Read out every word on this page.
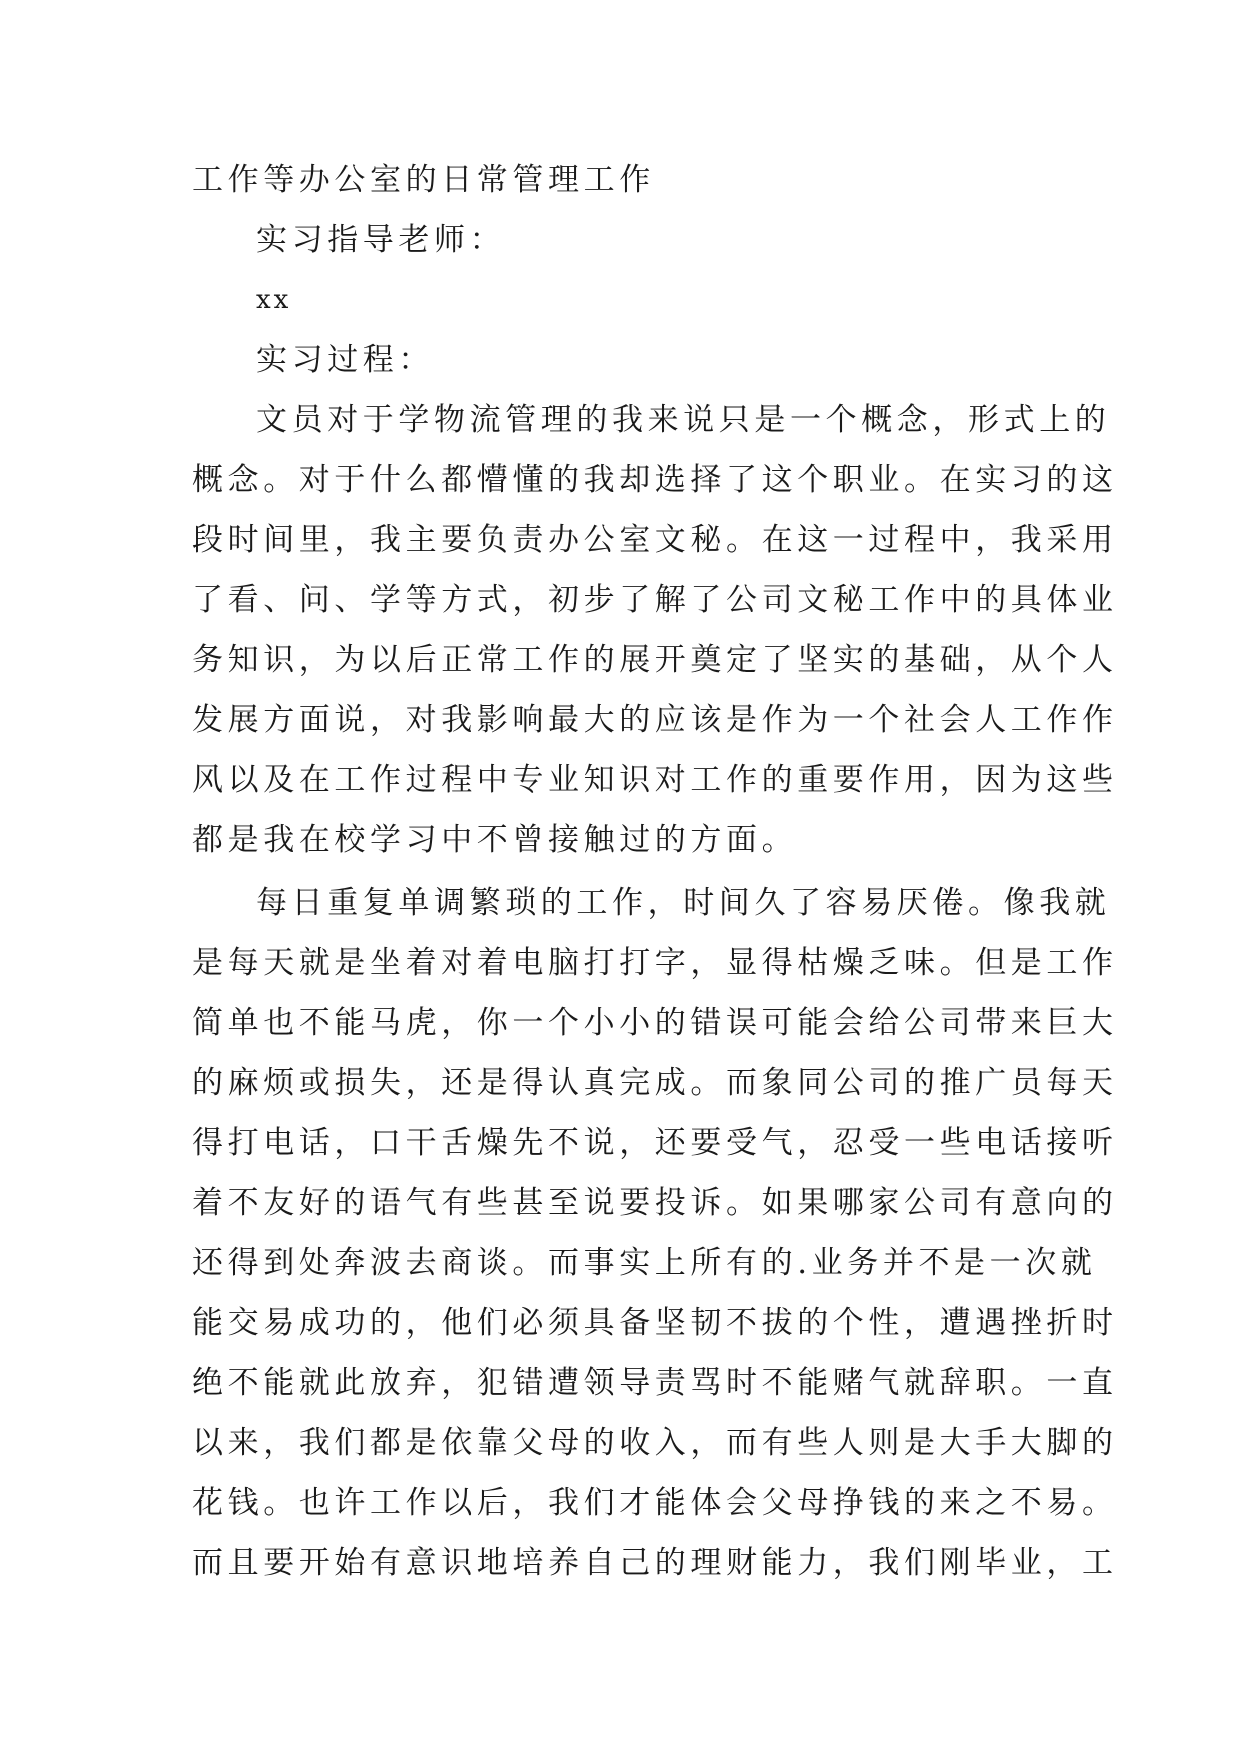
工作等办公室的日常管理工作
实习指导老师：
xx
实习过程：
文员对于学物流管理的我来说只是一个概念，形式上的
概念。对于什么都懵懂的我却选择了这个职业。在实习的这
段时间里，我主要负责办公室文秘。在这一过程中，我采用
了看、问、学等方式，初步了解了公司文秘工作中的具体业
务知识，为以后正常工作的展开奠定了坚实的基础，从个人
发展方面说，对我影响最大的应该是作为一个社会人工作作
风以及在工作过程中专业知识对工作的重要作用，因为这些
都是我在校学习中不曾接触过的方面。
每日重复单调繁琐的工作，时间久了容易厌倦。像我就
是每天就是坐着对着电脑打打字，显得枯燥乏味。但是工作
简单也不能马虎，你一个小小的错误可能会给公司带来巨大
的麻烦或损失，还是得认真完成。而象同公司的推广员每天
得打电话，口干舌燥先不说，还要受气，忍受一些电话接听
着不友好的语气有些甚至说要投诉。如果哪家公司有意向的
还得到处奔波去商谈。而事实上所有的.业务并不是一次就
能交易成功的，他们必须具备坚韧不拔的个性，遭遇挫折时
绝不能就此放弃，犯错遭领导责骂时不能赌气就辞职。一直
以来，我们都是依靠父母的收入，而有些人则是大手大脚的
花钱。也许工作以后，我们才能体会父母挣钱的来之不易。
而且要开始有意识地培养自己的理财能力，我们刚毕业，工
